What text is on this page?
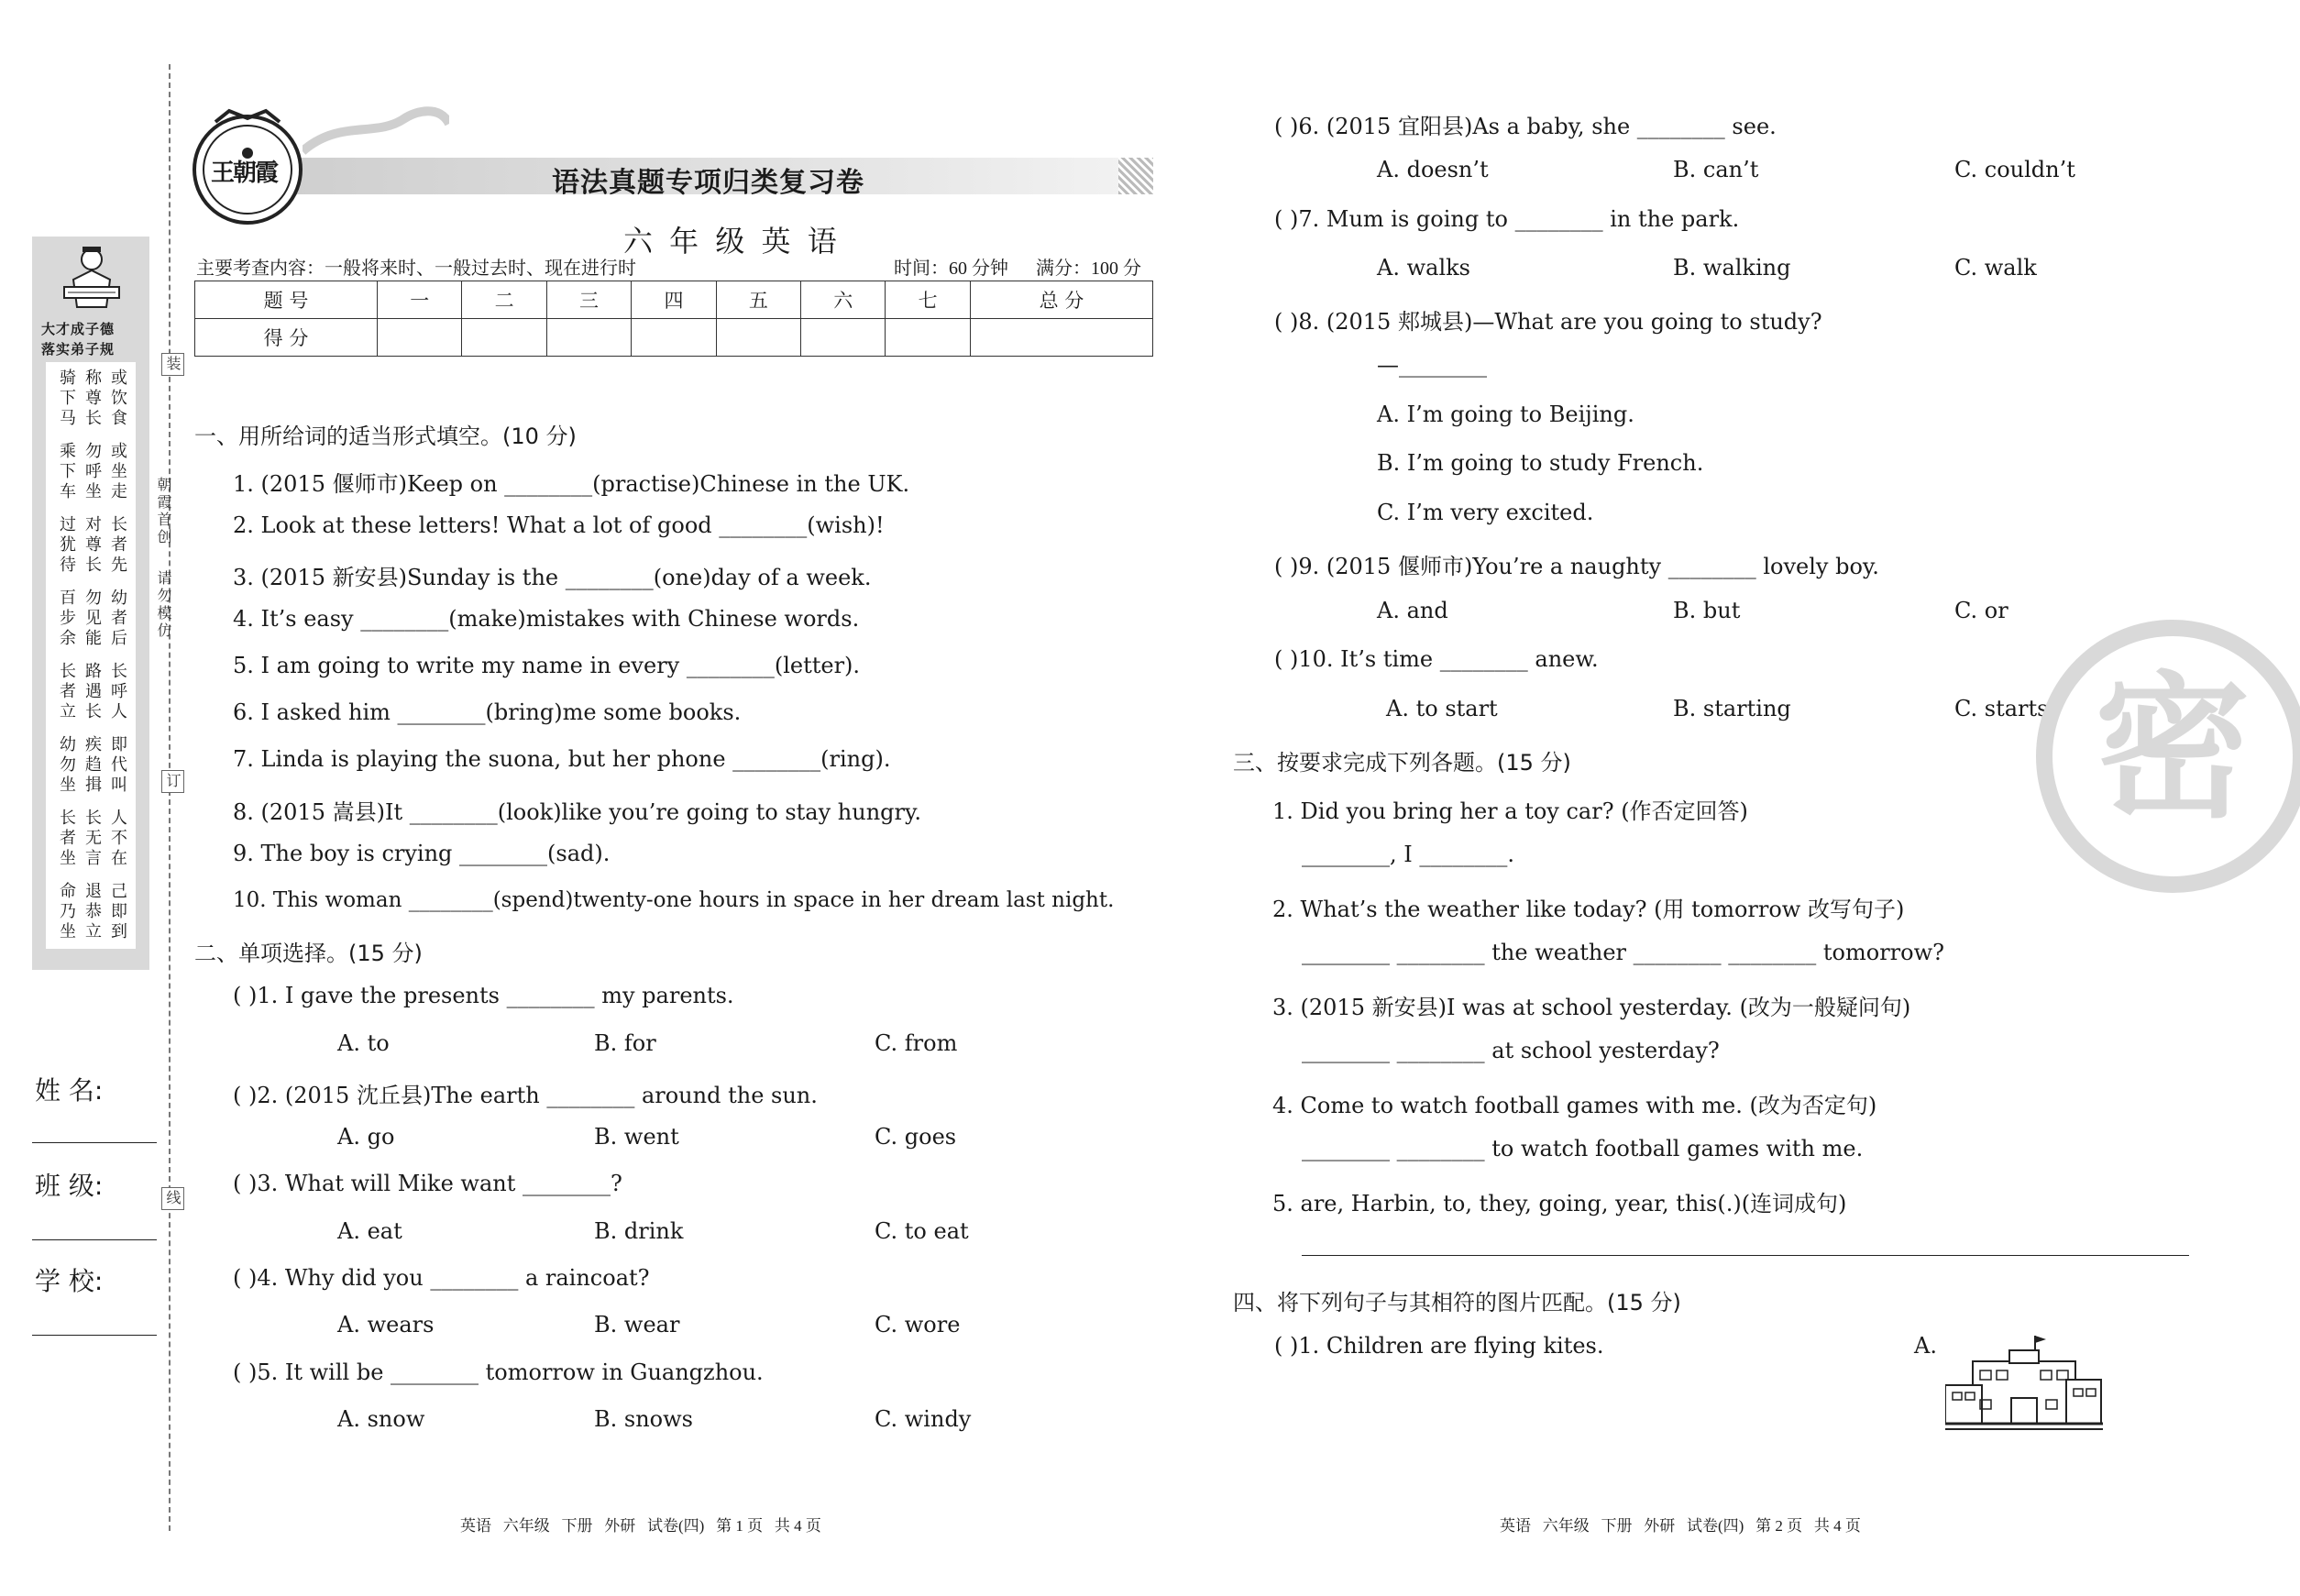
大才成子德
落实弟子规
骑下马 称尊长 或饮食
乘下车 勿呼坐 或坐走
过犹待 对尊长 长者先
百步余 勿见能 幼者后
长者立 路遇长 长呼人
幼勿坐 疾趋揖 即代叫
长者坐 长无言 人不在
命乃坐 退恭立 己即到
姓 名:
班 级:
学 校:
装
订
线
朝霞首创
请勿模仿
王朝霞	语法真题专项归类复习卷
六 年 级 英 语
主要考查内容：一般将来时、一般过去时、现在进行时	时间：60 分钟 满分：100 分
题 号	一	二	三	四	五	六	七	总 分
得 分								
一、用所给词的适当形式填空。(10 分)
1. (2015 偃师市)Keep on ________(practise)Chinese in the UK.
2. Look at these letters! What a lot of good ________(wish)!
3. (2015 新安县)Sunday is the ________(one)day of a week.
4. It’s easy ________(make)mistakes with Chinese words.
5. I am going to write my name in every ________(letter).
6. I asked him ________(bring)me some books.
7. Linda is playing the suona, but her phone ________(ring).
8. (2015 嵩县)It ________(look)like you’re going to stay hungry.
9. The boy is crying ________(sad).
10. This woman ________(spend)twenty-one hours in space in her dream last night.
二、单项选择。(15 分)
( )1. I gave the presents ________ my parents.
A. to	B. for	C. from
( )2. (2015 沈丘县)The earth ________ around the sun.
A. go	B. went	C. goes
( )3. What will Mike want ________?
A. eat	B. drink	C. to eat
( )4. Why did you ________ a raincoat?
A. wears	B. wear	C. wore
( )5. It will be ________ tomorrow in Guangzhou.
A. snow	B. snows	C. windy
英语   六年级   下册   外研   试卷(四)   第 1 页   共 4 页
( )6. (2015 宜阳县)As a baby, she ________ see.
A. doesn’t	B. can’t	C. couldn’t
( )7. Mum is going to ________ in the park.
A. walks	B. walking	C. walk
( )8. (2015 郏城县)—What are you going to study?
—________
A. I’m going to Beijing.
B. I’m going to study French.
C. I’m very excited.
( )9. (2015 偃师市)You’re a naughty ________ lovely boy.
A. and	B. but	C. or
( )10. It’s time ________ anew.
A. to start	B. starting	C. starts 密
三、按要求完成下列各题。(15 分)
1. Did you bring her a toy car? (作否定回答)
________, I ________.
2. What’s the weather like today? (用 tomorrow 改写句子)
________ ________ the weather ________ ________ tomorrow?
3. (2015 新安县)I was at school yesterday. (改为一般疑问句)
________ ________ at school yesterday?
4. Come to watch football games with me. (改为否定句)
________ ________ to watch football games with me.
5. are, Harbin, to, they, going, year, this(.)(连词成句)
四、将下列句子与其相符的图片匹配。(15 分)
( )1. Children are flying kites.	A.
英语   六年级   下册   外研   试卷(四)   第 2 页   共 4 页
